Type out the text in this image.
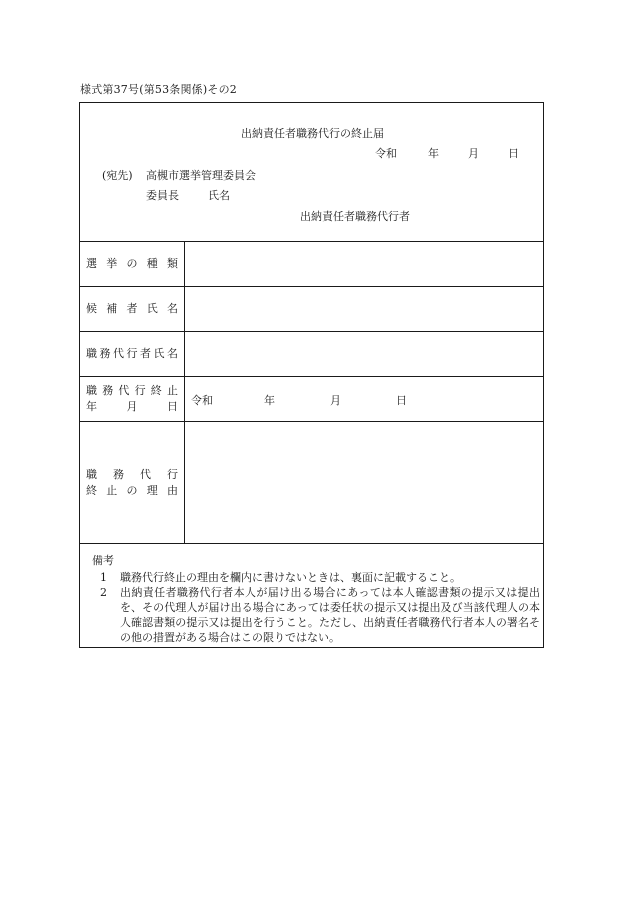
様式第37号(第53条関係)その2
出納責任者職務代行の終止届
令和	年	月	日
(宛先) 高槻市選挙管理委員会
委員長	氏名
出納責任者職務代行者
選挙の種類
候補者氏名
職務代行者氏名
職務代行終止
年月日 令和	年	月	日
職務代行
終止の理由
備考
1 職務代行終止の理由を欄内に書けないときは、裏面に記載すること。
2 出納責任者職務代行者本人が届け出る場合にあっては本人確認書類の提示又は提出を、その代理人が届け出る場合にあっては委任状の提示又は提出及び当該代理人の本人確認書類の提示又は提出を行うこと。ただし、出納責任者職務代行者本人の署名その他の措置がある場合はこの限りではない。
